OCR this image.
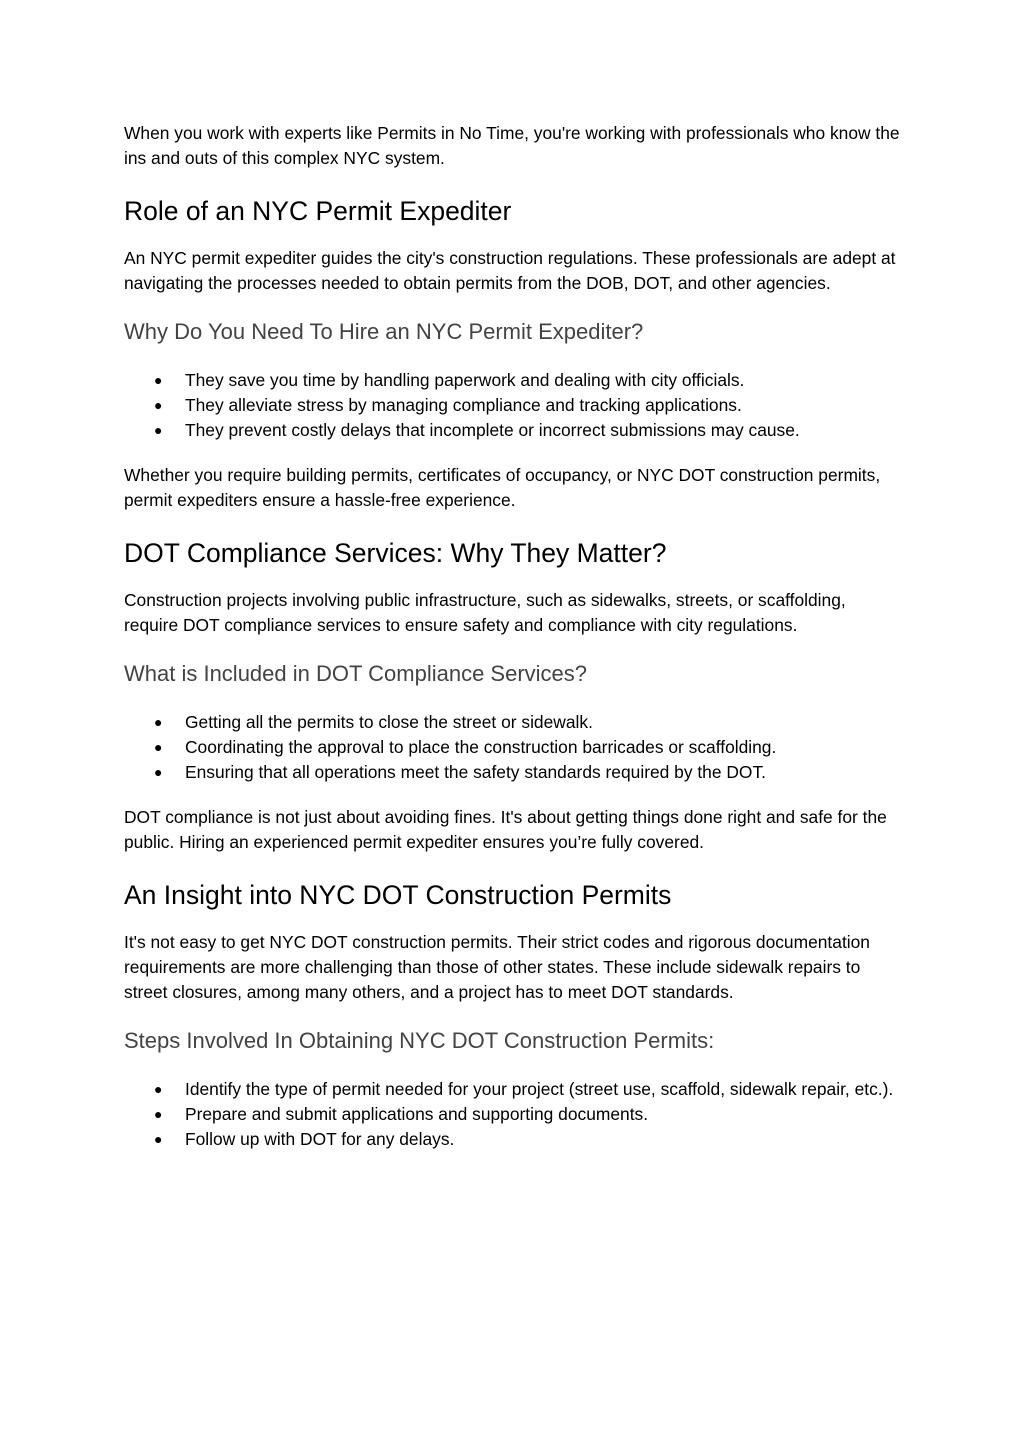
When you work with experts like Permits in No Time, you're working with professionals who know the ins and outs of this complex NYC system.

Role of an NYC Permit Expediter

An NYC permit expediter guides the city's construction regulations. These professionals are adept at navigating the processes needed to obtain permits from the DOB, DOT, and other agencies.

Why Do You Need To Hire an NYC Permit Expediter?
● They save you time by handling paperwork and dealing with city officials.
● They alleviate stress by managing compliance and tracking applications.
● They prevent costly delays that incomplete or incorrect submissions may cause.

Whether you require building permits, certificates of occupancy, or NYC DOT construction permits, permit expediters ensure a hassle-free experience.

DOT Compliance Services: Why They Matter?

Construction projects involving public infrastructure, such as sidewalks, streets, or scaffolding, require DOT compliance services to ensure safety and compliance with city regulations.

What is Included in DOT Compliance Services?
● Getting all the permits to close the street or sidewalk.
● Coordinating the approval to place the construction barricades or scaffolding.
● Ensuring that all operations meet the safety standards required by the DOT.

DOT compliance is not just about avoiding fines. It's about getting things done right and safe for the public. Hiring an experienced permit expediter ensures you’re fully covered.

An Insight into NYC DOT Construction Permits

It's not easy to get NYC DOT construction permits. Their strict codes and rigorous documentation requirements are more challenging than those of other states. These include sidewalk repairs to street closures, among many others, and a project has to meet DOT standards.

Steps Involved In Obtaining NYC DOT Construction Permits:
● Identify the type of permit needed for your project (street use, scaffold, sidewalk repair, etc.).
● Prepare and submit applications and supporting documents.
● Follow up with DOT for any delays.
